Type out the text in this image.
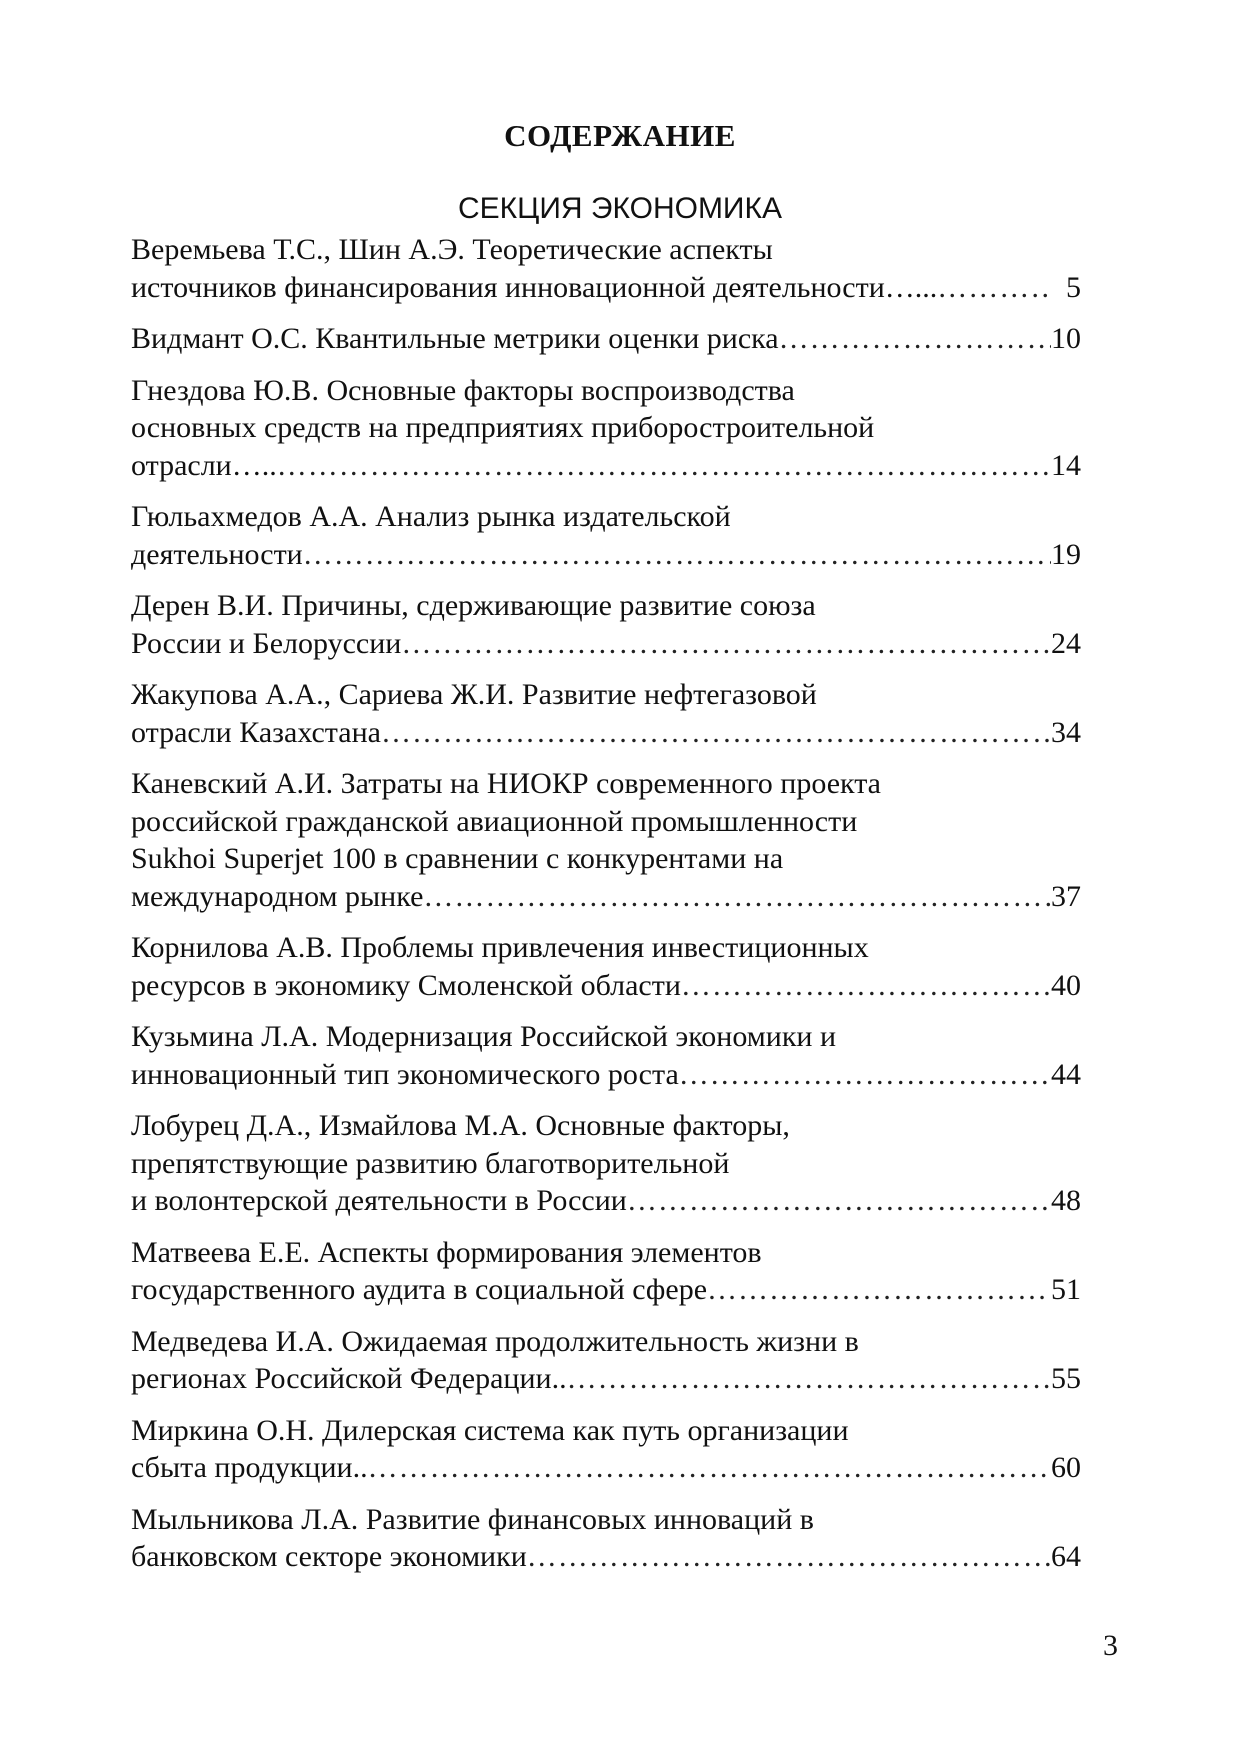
СОДЕРЖАНИЕ
СЕКЦИЯ ЭКОНОМИКА
Веремьева Т.С., Шин А.Э. Теоретические аспекты
источников финансирования инновационной деятельности…... ……………………………………………………………………………………………………………………………………………………………………………	5
Видмант О.С. Квантильные метрики оценки риска ……………………………………………………………………………………………………………………………………………………………………………	10
Гнездова Ю.В. Основные факторы воспроизводства
основных средств на предприятиях приборостроительной
отрасли….. ……………………………………………………………………………………………………………………………………………………………………………	14
Гюльахмедов А.А. Анализ рынка издательской
деятельности ……………………………………………………………………………………………………………………………………………………………………………	19
Дерен В.И. Причины, сдерживающие развитие союза
России и Белоруссии ……………………………………………………………………………………………………………………………………………………………………………	24
Жакупова А.А., Сариева Ж.И. Развитие нефтегазовой
отрасли Казахстана ……………………………………………………………………………………………………………………………………………………………………………	34
Каневский А.И. Затраты на НИОКР современного проекта
российской гражданской авиационной промышленности
Sukhoi Superjet 100 в сравнении с конкурентами на
международном рынке ……………………………………………………………………………………………………………………………………………………………………………	37
Корнилова А.В. Проблемы привлечения инвестиционных
ресурсов в экономику Смоленской области ……………………………………………………………………………………………………………………………………………………………………………	40
Кузьмина Л.А. Модернизация Российской экономики и
инновационный тип экономического роста ……………………………………………………………………………………………………………………………………………………………………………	44
Лобурец Д.А., Измайлова М.А. Основные факторы,
препятствующие развитию благотворительной
и волонтерской деятельности в России ……………………………………………………………………………………………………………………………………………………………………………	48
Матвеева Е.Е. Аспекты формирования элементов
государственного аудита в социальной сфере ……………………………………………………………………………………………………………………………………………………………………………	51
Медведева И.А. Ожидаемая продолжительность жизни в
регионах Российской Федерации.. ……………………………………………………………………………………………………………………………………………………………………………	55
Миркина О.Н. Дилерская система как путь организации
сбыта продукции.. ……………………………………………………………………………………………………………………………………………………………………………	60
Мыльникова Л.А. Развитие финансовых инноваций в
банковском секторе экономики ……………………………………………………………………………………………………………………………………………………………………………	64
3
